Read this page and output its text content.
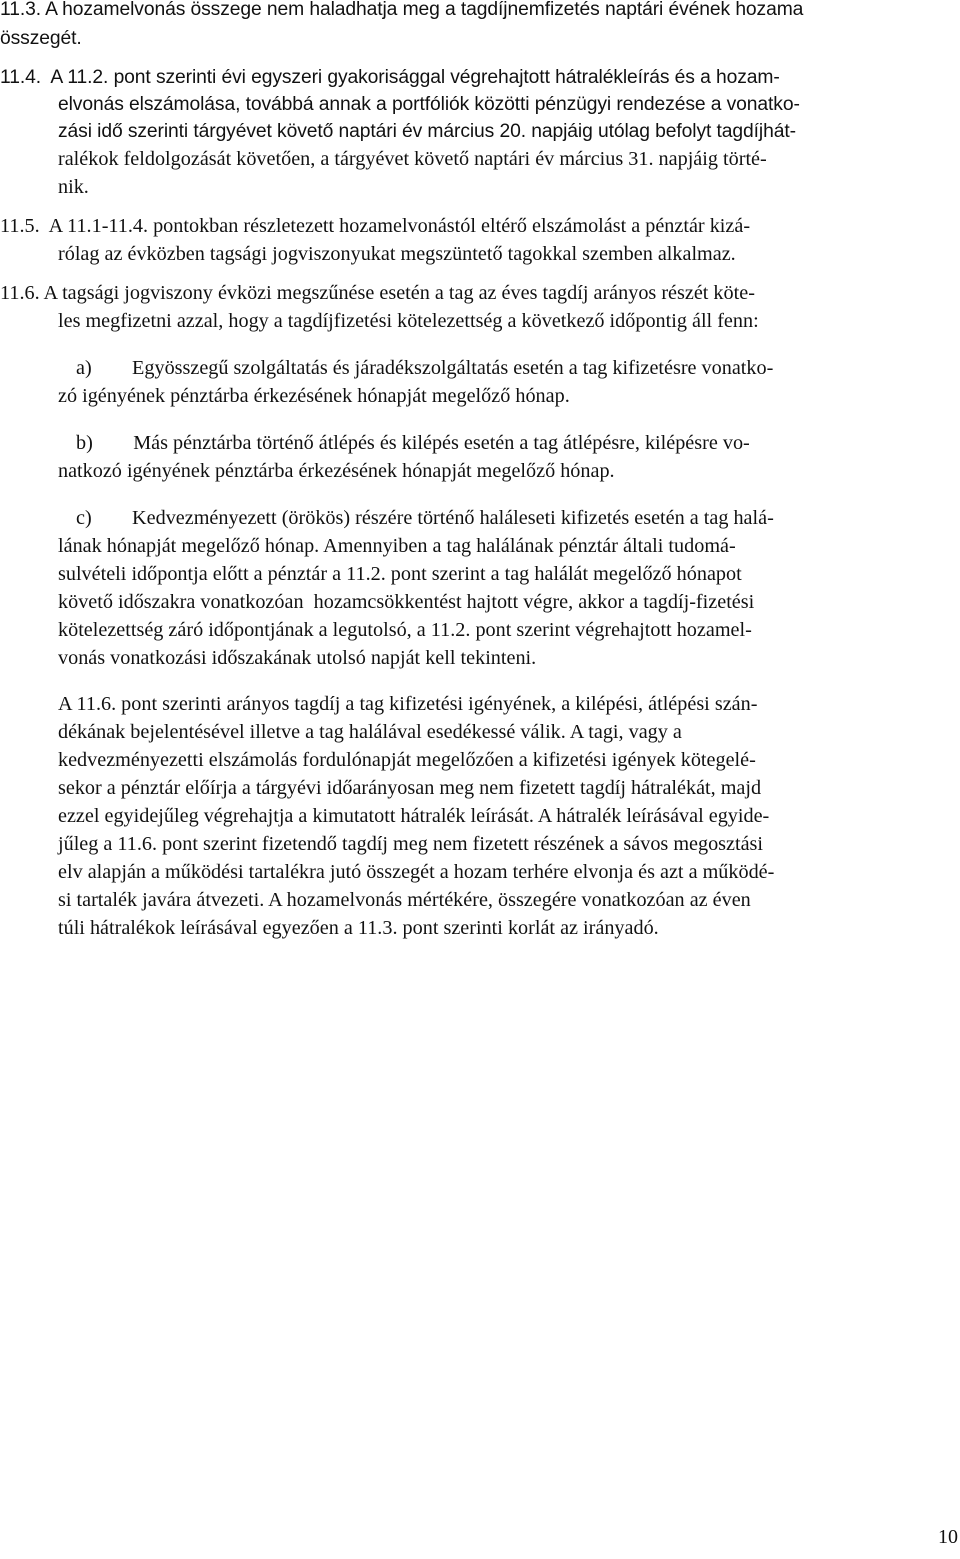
11.3. A hozamelvonás összege nem haladhatja meg a tagdíjnemfizetés naptári évének hozama
összegét.
11.4.  A 11.2. pont szerinti évi egyszeri gyakorisággal végrehajtott hátralékleírás és a hozam-
elvonás elszámolása, továbbá annak a portfóliók közötti pénzügyi rendezése a vonatko-
zási idő szerinti tárgyévet követő naptári év március 20. napjáig utólag befolyt tagdíjhát-
ralékok feldolgozását követően, a tárgyévet követő naptári év március 31. napjáig törté-
nik.
11.5.  A 11.1-11.4. pontokban részletezett hozamelvonástól eltérő elszámolást a pénztár kizá-
rólag az évközben tagsági jogviszonyukat megszüntető tagokkal szemben alkalmaz.
11.6. A tagsági jogviszony évközi megszűnése esetén a tag az éves tagdíj arányos részét köte-
les megfizetni azzal, hogy a tagdíjfizetési kötelezettség a következő időpontig áll fenn:
a)        Egyösszegű szolgáltatás és járadékszolgáltatás esetén a tag kifizetésre vonatko-
zó igényének pénztárba érkezésének hónapját megelőző hónap.
b)        Más pénztárba történő átlépés és kilépés esetén a tag átlépésre, kilépésre vo-
natkozó igényének pénztárba érkezésének hónapját megelőző hónap.
c)        Kedvezményezett (örökös) részére történő haláleseti kifizetés esetén a tag halá-
lának hónapját megelőző hónap. Amennyiben a tag halálának pénztár általi tudomá-
sulvételi időpontja előtt a pénztár a 11.2. pont szerint a tag halálát megelőző hónapot
követő időszakra vonatkozóan  hozamcsökkentést hajtott végre, akkor a tagdíj-fizetési
kötelezettség záró időpontjának a legutolsó, a 11.2. pont szerint végrehajtott hozamel-
vonás vonatkozási időszakának utolsó napját kell tekinteni.
A 11.6. pont szerinti arányos tagdíj a tag kifizetési igényének, a kilépési, átlépési szán-
dékának bejelentésével illetve a tag halálával esedékessé válik. A tagi, vagy a
kedvezményezetti elszámolás fordulónapját megelőzően a kifizetési igények kötegelé-
sekor a pénztár előírja a tárgyévi időarányosan meg nem fizetett tagdíj hátralékát, majd
ezzel egyidejűleg végrehajtja a kimutatott hátralék leírását. A hátralék leírásával egyide-
jűleg a 11.6. pont szerint fizetendő tagdíj meg nem fizetett részének a sávos megosztási
elv alapján a működési tartalékra jutó összegét a hozam terhére elvonja és azt a működé-
si tartalék javára átvezeti. A hozamelvonás mértékére, összegére vonatkozóan az éven
túli hátralékok leírásával egyezően a 11.3. pont szerinti korlát az irányadó.
10
